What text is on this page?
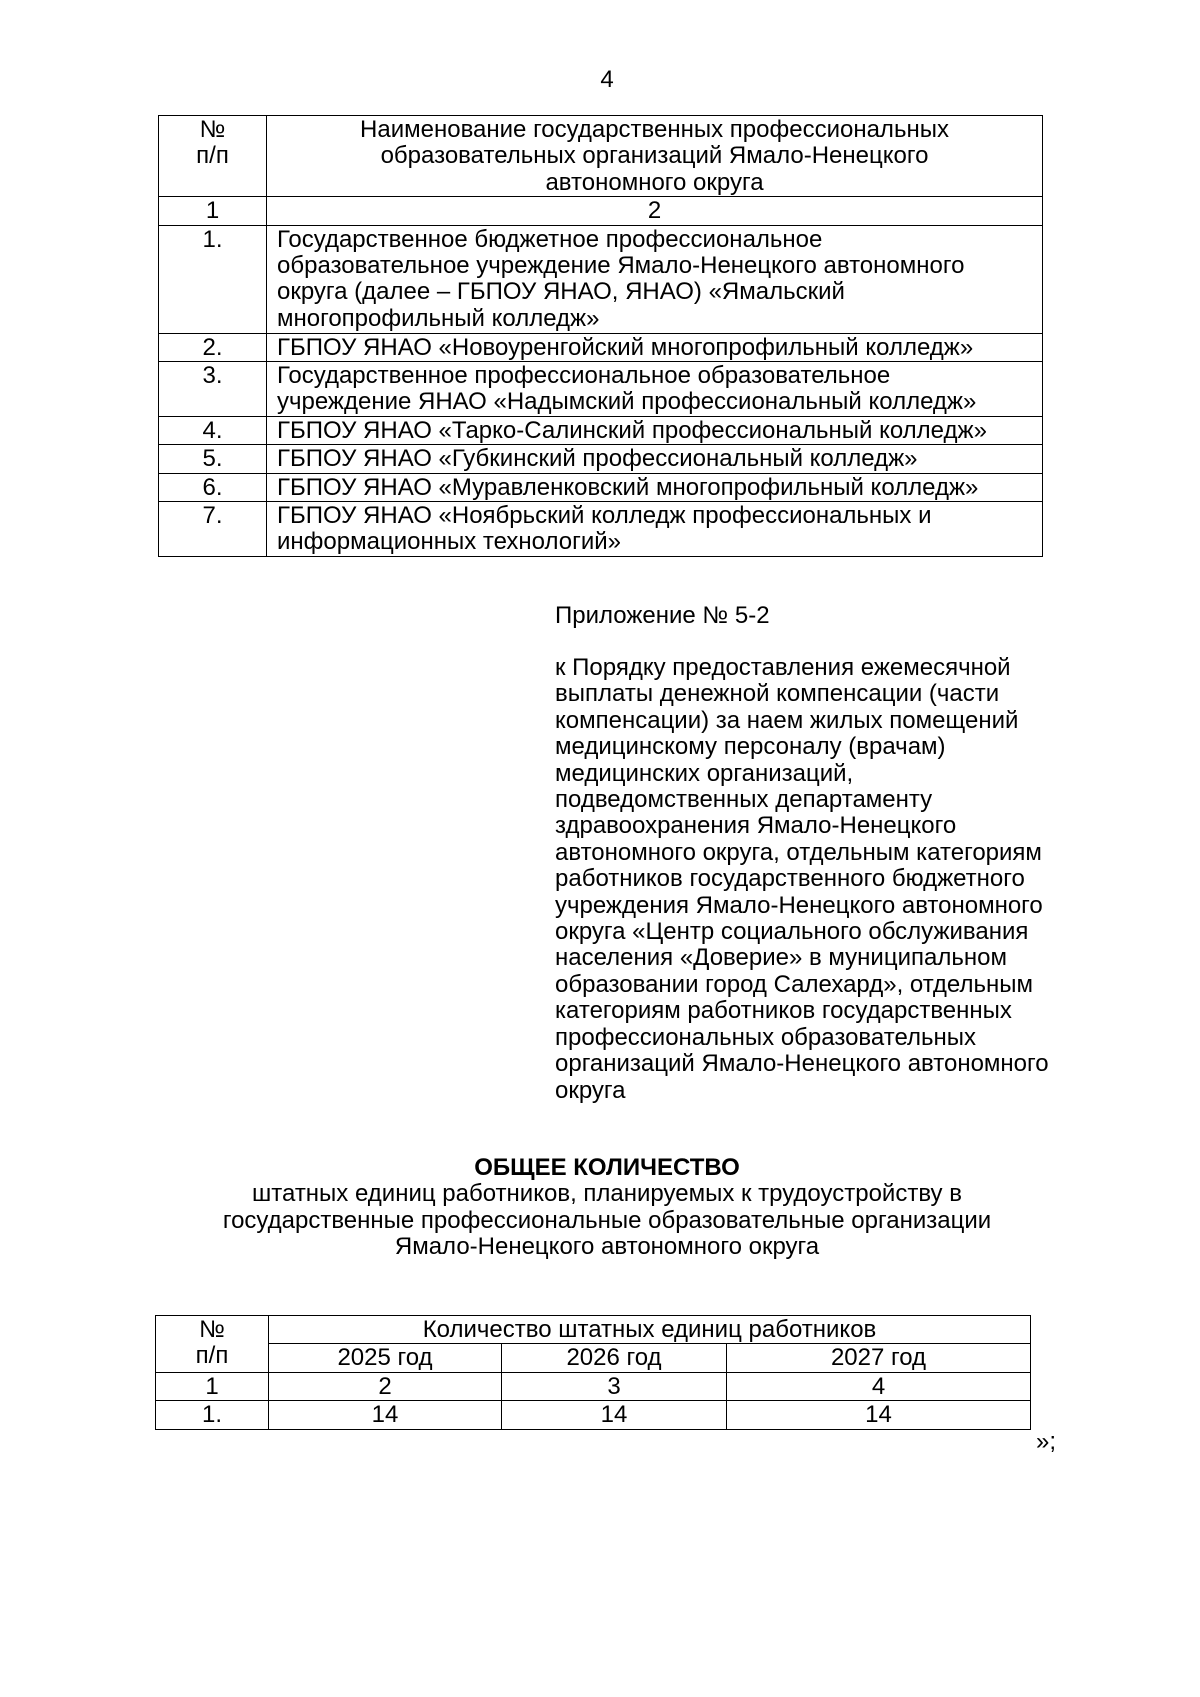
4
№
п/п	Наименование государственных профессиональных
образовательных организаций Ямало-Ненецкого
автономного округа
1	2
1.	Государственное бюджетное профессиональное
образовательное учреждение Ямало-Ненецкого автономного
округа (далее – ГБПОУ ЯНАО, ЯНАО) «Ямальский
многопрофильный колледж»
2.	ГБПОУ ЯНАО «Новоуренгойский многопрофильный колледж»
3.	Государственное профессиональное образовательное
учреждение ЯНАО «Надымский профессиональный колледж»
4.	ГБПОУ ЯНАО «Тарко-Салинский профессиональный колледж»
5.	ГБПОУ ЯНАО «Губкинский профессиональный колледж»
6.	ГБПОУ ЯНАО «Муравленковский многопрофильный колледж»
7.	ГБПОУ ЯНАО «Ноябрьский колледж профессиональных и
информационных технологий»
Приложение № 5-2
к Порядку предоставления ежемесячной
выплаты денежной компенсации (части
компенсации) за наем жилых помещений
медицинскому персоналу (врачам)
медицинских организаций,
подведомственных департаменту
здравоохранения Ямало-Ненецкого
автономного округа, отдельным категориям
работников государственного бюджетного
учреждения Ямало-Ненецкого автономного
округа «Центр социального обслуживания
населения «Доверие» в муниципальном
образовании город Салехард», отдельным
категориям работников государственных
профессиональных образовательных
организаций Ямало-Ненецкого автономного
округа
ОБЩЕЕ КОЛИЧЕСТВО
штатных единиц работников, планируемых к трудоустройству в
государственные профессиональные образовательные организации
Ямало-Ненецкого автономного округа
№
п/п	Количество штатных единиц работников		
	2025 год	2026 год	2027 год
1	2	3	4
1.	14	14	14
»;
